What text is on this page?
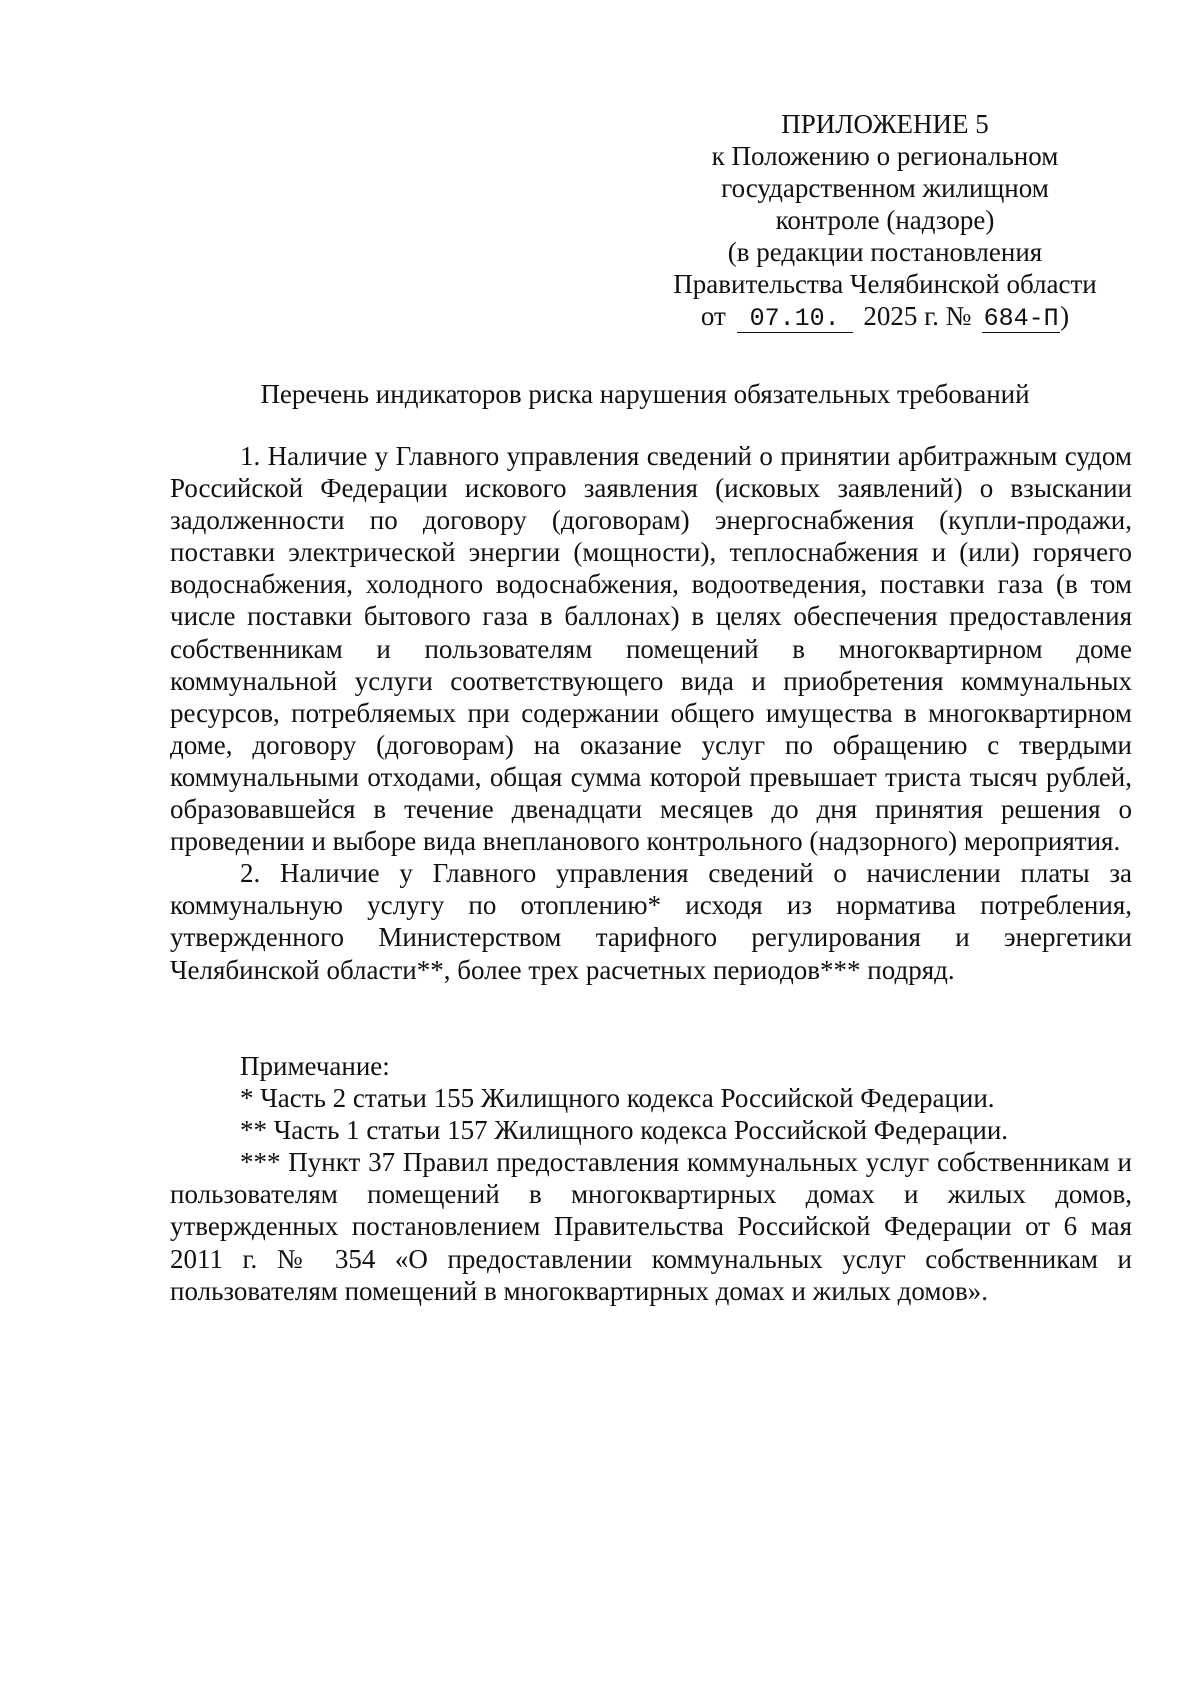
ПРИЛОЖЕНИЕ 5
к Положению о региональном
государственном жилищном
контроле (надзоре)
(в редакции постановления
Правительства Челябинской области
от 07.10. 2025 г. № 684-П)
Перечень индикаторов риска нарушения обязательных требований

1. Наличие у Главного управления сведений о принятии арбитражным судом Российской Федерации искового заявления (исковых заявлений) о взыскании задолженности по договору (договорам) энергоснабжения (купли-продажи, поставки электрической энергии (мощности), теплоснабжения и (или) горячего водоснабжения, холодного водоснабжения, водоотведения, поставки газа (в том числе поставки бытового газа в баллонах) в целях обеспечения предоставления собственникам и пользователям помещений в многоквартирном доме коммунальной услуги соответствующего вида и приобретения коммунальных ресурсов, потребляемых при содержании общего имущества в многоквартирном доме, договору (договорам) на оказание услуг по обращению с твердыми коммунальными отходами, общая сумма которой превышает триста тысяч рублей, образовавшейся в течение двенадцати месяцев до дня принятия решения о проведении и выборе вида внепланового контрольного (надзорного) мероприятия.

2. Наличие у Главного управления сведений о начислении платы за коммунальную услугу по отоплению* исходя из норматива потребления, утвержденного Министерством тарифного регулирования и энергетики Челябинской области**, более трех расчетных периодов*** подряд.

Примечание:

* Часть 2 статьи 155 Жилищного кодекса Российской Федерации.

** Часть 1 статьи 157 Жилищного кодекса Российской Федерации.

*** Пункт 37 Правил предоставления коммунальных услуг собственникам и пользователям помещений в многоквартирных домах и жилых домов, утвержденных постановлением Правительства Российской Федерации от 6 мая 2011 г. № 354 «О предоставлении коммунальных услуг собственникам и пользователям помещений в многоквартирных домах и жилых домов».
